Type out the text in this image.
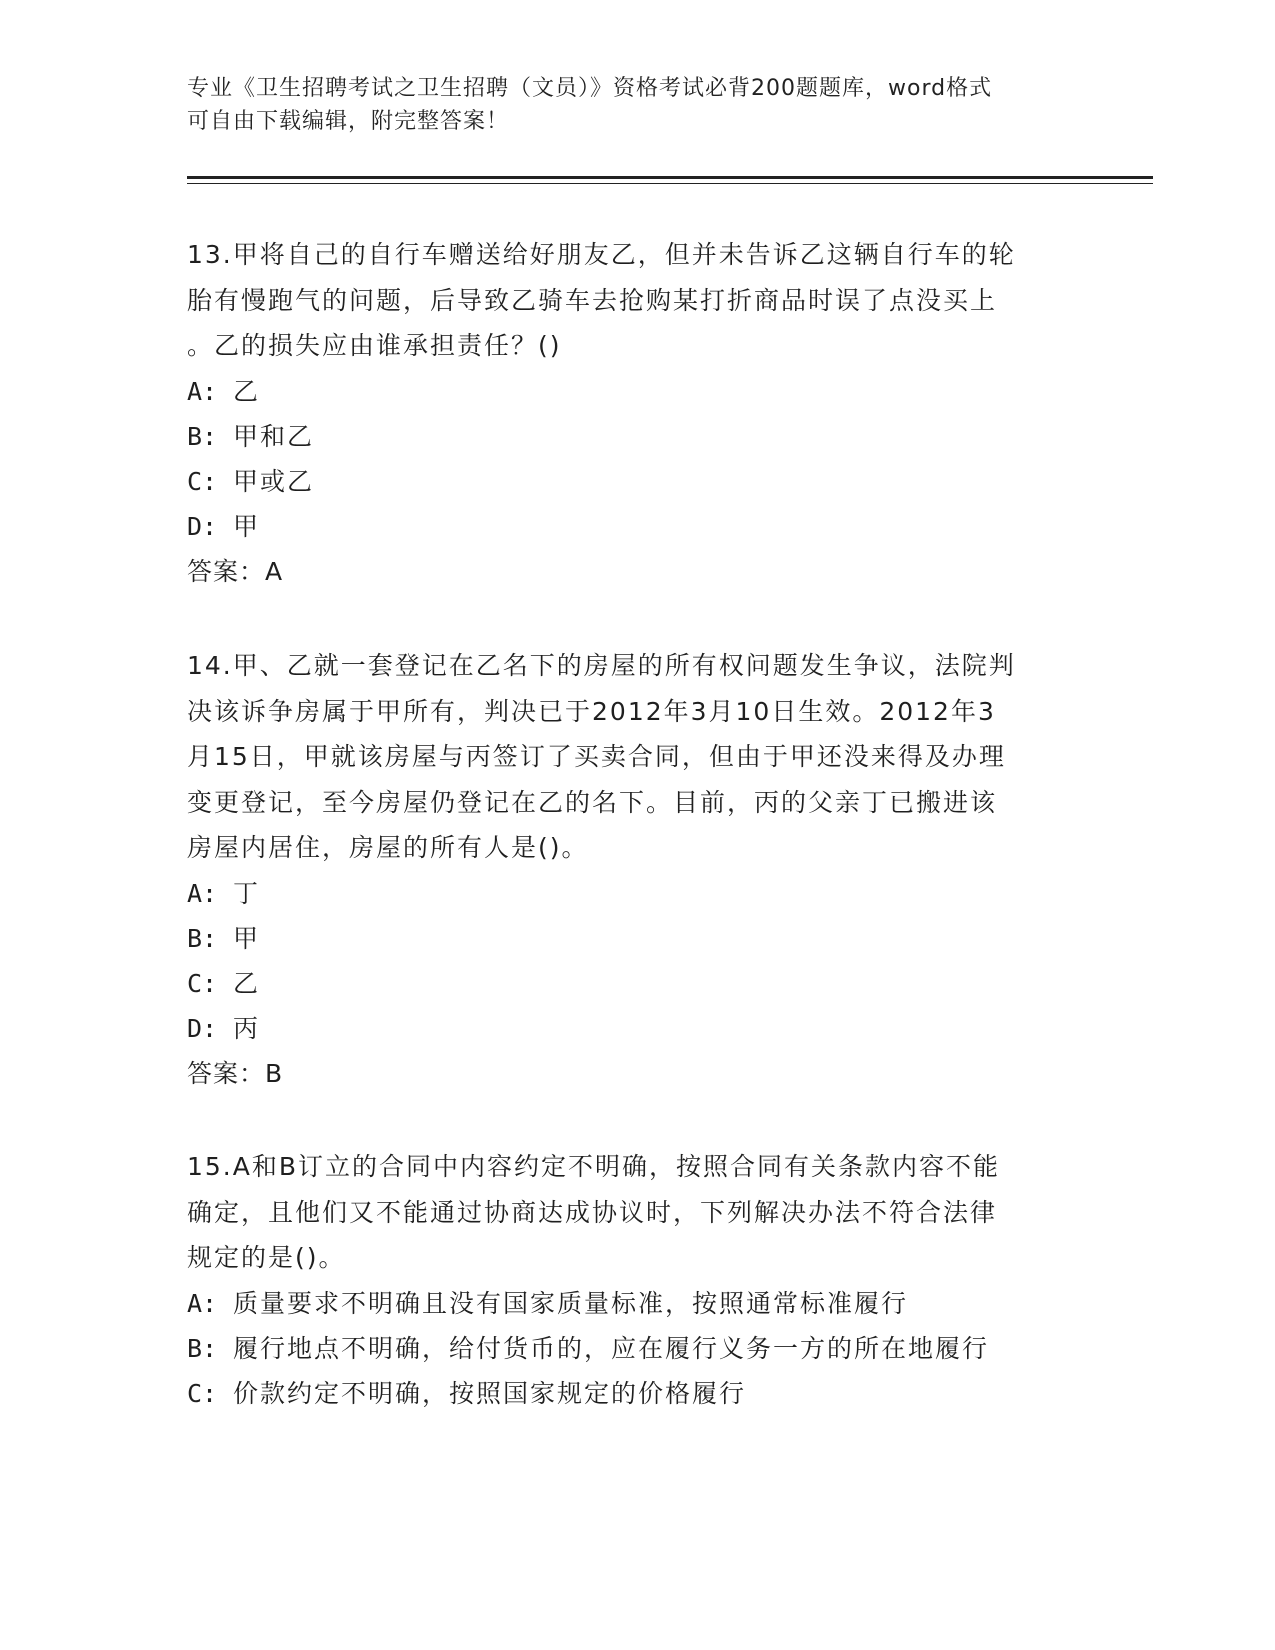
专业《卫生招聘考试之卫生招聘（文员）》资格考试必背200题题库，word格式
可自由下载编辑，附完整答案！

13.甲将自己的自行车赠送给好朋友乙，但并未告诉乙这辆自行车的轮
胎有慢跑气的问题，后导致乙骑车去抢购某打折商品时误了点没买上
。乙的损失应由谁承担责任？()

A: 乙

B: 甲和乙

C: 甲或乙

D: 甲

答案：A

14.甲、乙就一套登记在乙名下的房屋的所有权问题发生争议，法院判
决该诉争房属于甲所有，判决已于2012年3月10日生效。2012年3
月15日，甲就该房屋与丙签订了买卖合同，但由于甲还没来得及办理
变更登记，至今房屋仍登记在乙的名下。目前，丙的父亲丁已搬进该
房屋内居住，房屋的所有人是()。

A: 丁

B: 甲

C: 乙

D: 丙

答案：B

15.A和B订立的合同中内容约定不明确，按照合同有关条款内容不能
确定，且他们又不能通过协商达成协议时，下列解决办法不符合法律
规定的是()。

A: 质量要求不明确且没有国家质量标准，按照通常标准履行

B: 履行地点不明确，给付货币的，应在履行义务一方的所在地履行

C: 价款约定不明确，按照国家规定的价格履行
